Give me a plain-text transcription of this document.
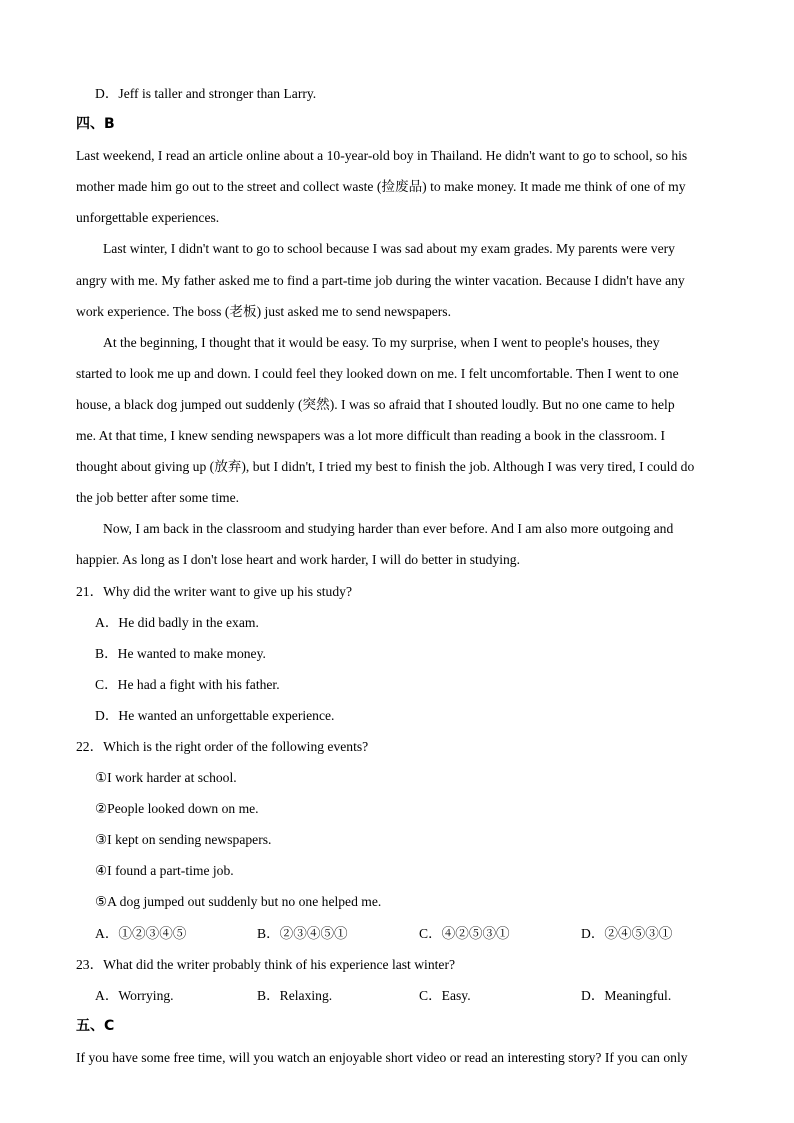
D．Jeff is taller and stronger than Larry.
四、B
Last weekend, I read an article online about a 10-year-old boy in Thailand. He didn't want to go to school, so his
mother made him go out to the street and collect waste (捡废品) to make money. It made me think of one of my
unforgettable experiences.
Last winter, I didn't want to go to school because I was sad about my exam grades. My parents were very
angry with me. My father asked me to find a part-time job during the winter vacation. Because I didn't have any
work experience. The boss (老板) just asked me to send newspapers.
At the beginning, I thought that it would be easy. To my surprise, when I went to people's houses, they
started to look me up and down. I could feel they looked down on me. I felt uncomfortable. Then I went to one
house, a black dog jumped out suddenly (突然). I was so afraid that I shouted loudly. But no one came to help
me. At that time, I knew sending newspapers was a lot more difficult than reading a book in the classroom. I
thought about giving up (放弃), but I didn't, I tried my best to finish the job. Although I was very tired, I could do
the job better after some time.
Now, I am back in the classroom and studying harder than ever before. And I am also more outgoing and
happier. As long as I don't lose heart and work harder, I will do better in studying.
21．Why did the writer want to give up his study?
A．He did badly in the exam.
B．He wanted to make money.
C．He had a fight with his father.
D．He wanted an unforgettable experience.
22．Which is the right order of the following events?
①I work harder at school.
②People looked down on me.
③I kept on sending newspapers.
④I found a part-time job.
⑤A dog jumped out suddenly but no one helped me.
A．①②③④⑤	B．②③④⑤①	C．④②⑤③①	D．②④⑤③①
23．What did the writer probably think of his experience last winter?
A．Worrying.	B．Relaxing.	C．Easy.	D．Meaningful.
五、C
If you have some free time, will you watch an enjoyable short video or read an interesting story? If you can only
